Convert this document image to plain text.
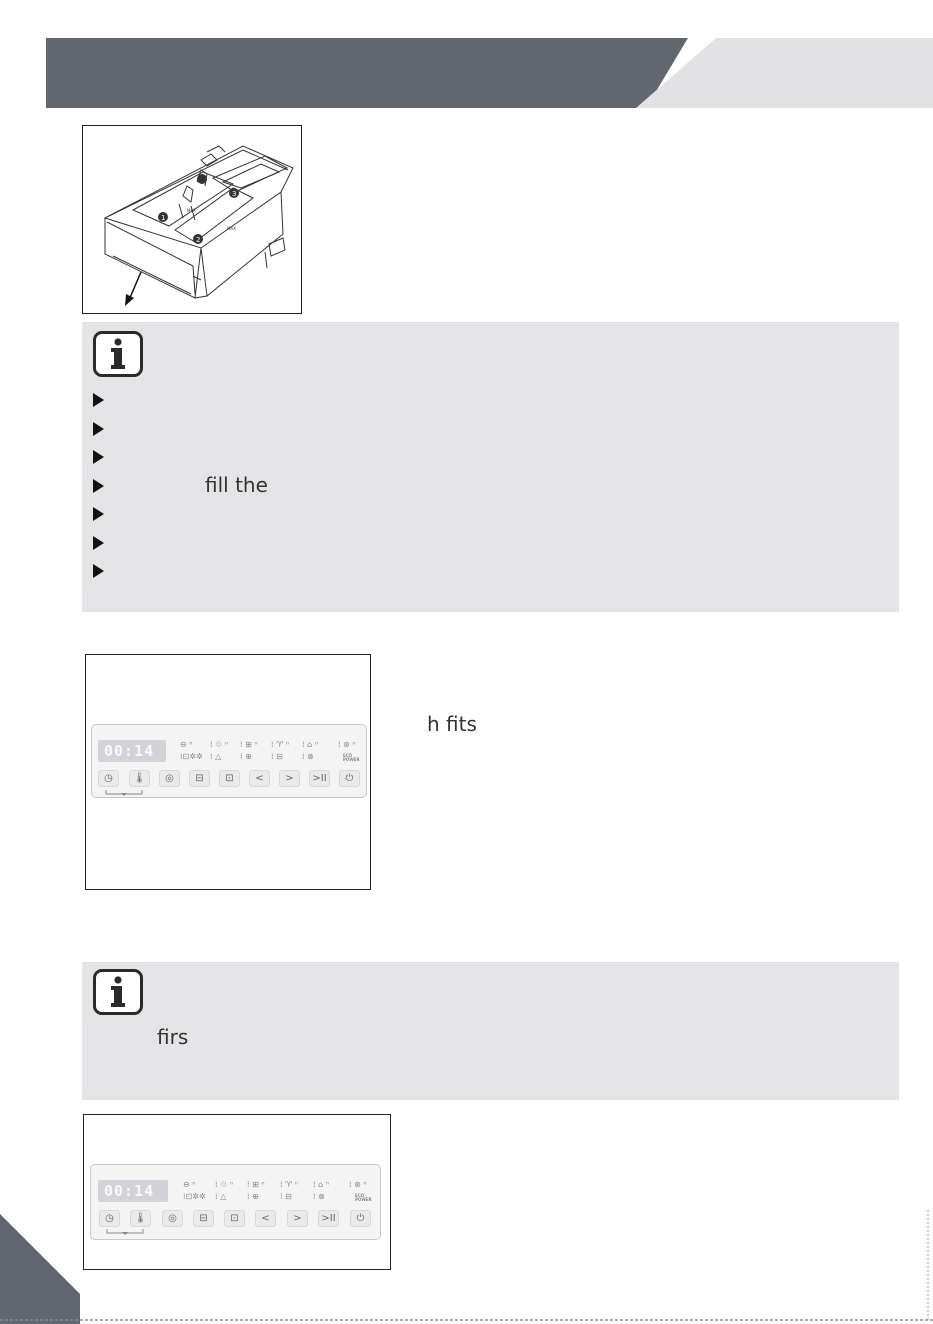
1
2
3
MAX
MAX
fill the
00:14	⊖ ⁿ ⁞ ♲ ⁿ ⁞ ⊞ ⁿ ⁞ ♈ ⁿ ⁞ ⌂ ⁿ	⁞ ⊛ ⁿ
⁞⊡✲✲ ⁞ △ ⁞ ⊕ ⁞ ⊟ ⁞ ⊗	ECO
POWER
◷	🌡	◎	⊟	⊡	<	>	>II	⏻
h fits
firs
00:14	⊖ ⁿ ⁞ ♲ ⁿ ⁞ ⊞ ⁿ ⁞ ♈ ⁿ ⁞ ⌂ ⁿ	⁞ ⊛ ⁿ
⁞⊡✲✲ ⁞ △	⁞ ⊕	⁞ ⊟	⁞ ⊗	ECO
POWER
◷	🌡	◎	⊟	⊡	<	>	>II	⏻
